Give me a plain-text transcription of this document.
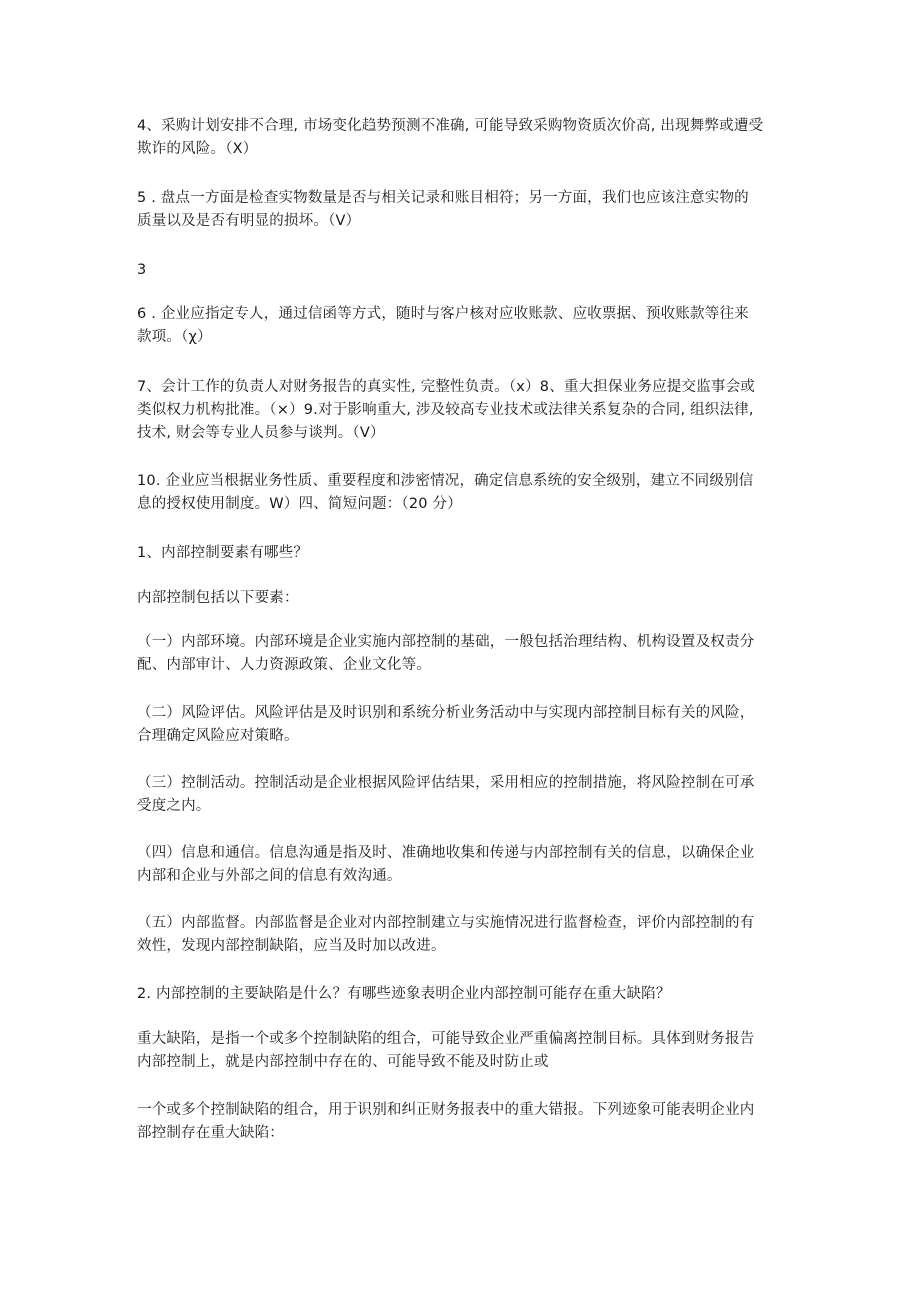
4、采购计划安排不合理, 市场变化趋势预测不准确, 可能导致采购物资质次价高, 出现舞弊或遭受
欺诈的风险。（X）
5 . 盘点一方面是检查实物数量是否与相关记录和账目相符；另一方面，我们也应该注意实物的
质量以及是否有明显的损坏。（V）
3
6 . 企业应指定专人，通过信函等方式，随时与客户核对应收账款、应收票据、预收账款等往来
款项。（χ）
7、会计工作的负责人对财务报告的真实性, 完整性负责。（x）8、重大担保业务应提交监事会或
类似权力机构批准。（×）9.对于影响重大, 涉及较高专业技术或法律关系复杂的合同, 组织法律,
技术, 财会等专业人员参与谈判。（V）
10. 企业应当根据业务性质、重要程度和涉密情况，确定信息系统的安全级别，建立不同级别信
息的授权使用制度。W）四、简短问题：（20 分）
1、内部控制要素有哪些？
内部控制包括以下要素：
（一）内部环境。内部环境是企业实施内部控制的基础，一般包括治理结构、机构设置及权责分
配、内部审计、人力资源政策、企业文化等。
（二）风险评估。风险评估是及时识别和系统分析业务活动中与实现内部控制目标有关的风险，
合理确定风险应对策略。
（三）控制活动。控制活动是企业根据风险评估结果，采用相应的控制措施，将风险控制在可承
受度之内。
（四）信息和通信。信息沟通是指及时、准确地收集和传递与内部控制有关的信息，以确保企业
内部和企业与外部之间的信息有效沟通。
（五）内部监督。内部监督是企业对内部控制建立与实施情况进行监督检查，评价内部控制的有
效性，发现内部控制缺陷，应当及时加以改进。
2. 内部控制的主要缺陷是什么？有哪些迹象表明企业内部控制可能存在重大缺陷？
重大缺陷，是指一个或多个控制缺陷的组合，可能导致企业严重偏离控制目标。具体到财务报告
内部控制上，就是内部控制中存在的、可能导致不能及时防止或
一个或多个控制缺陷的组合，用于识别和纠正财务报表中的重大错报。下列迹象可能表明企业内
部控制存在重大缺陷：
